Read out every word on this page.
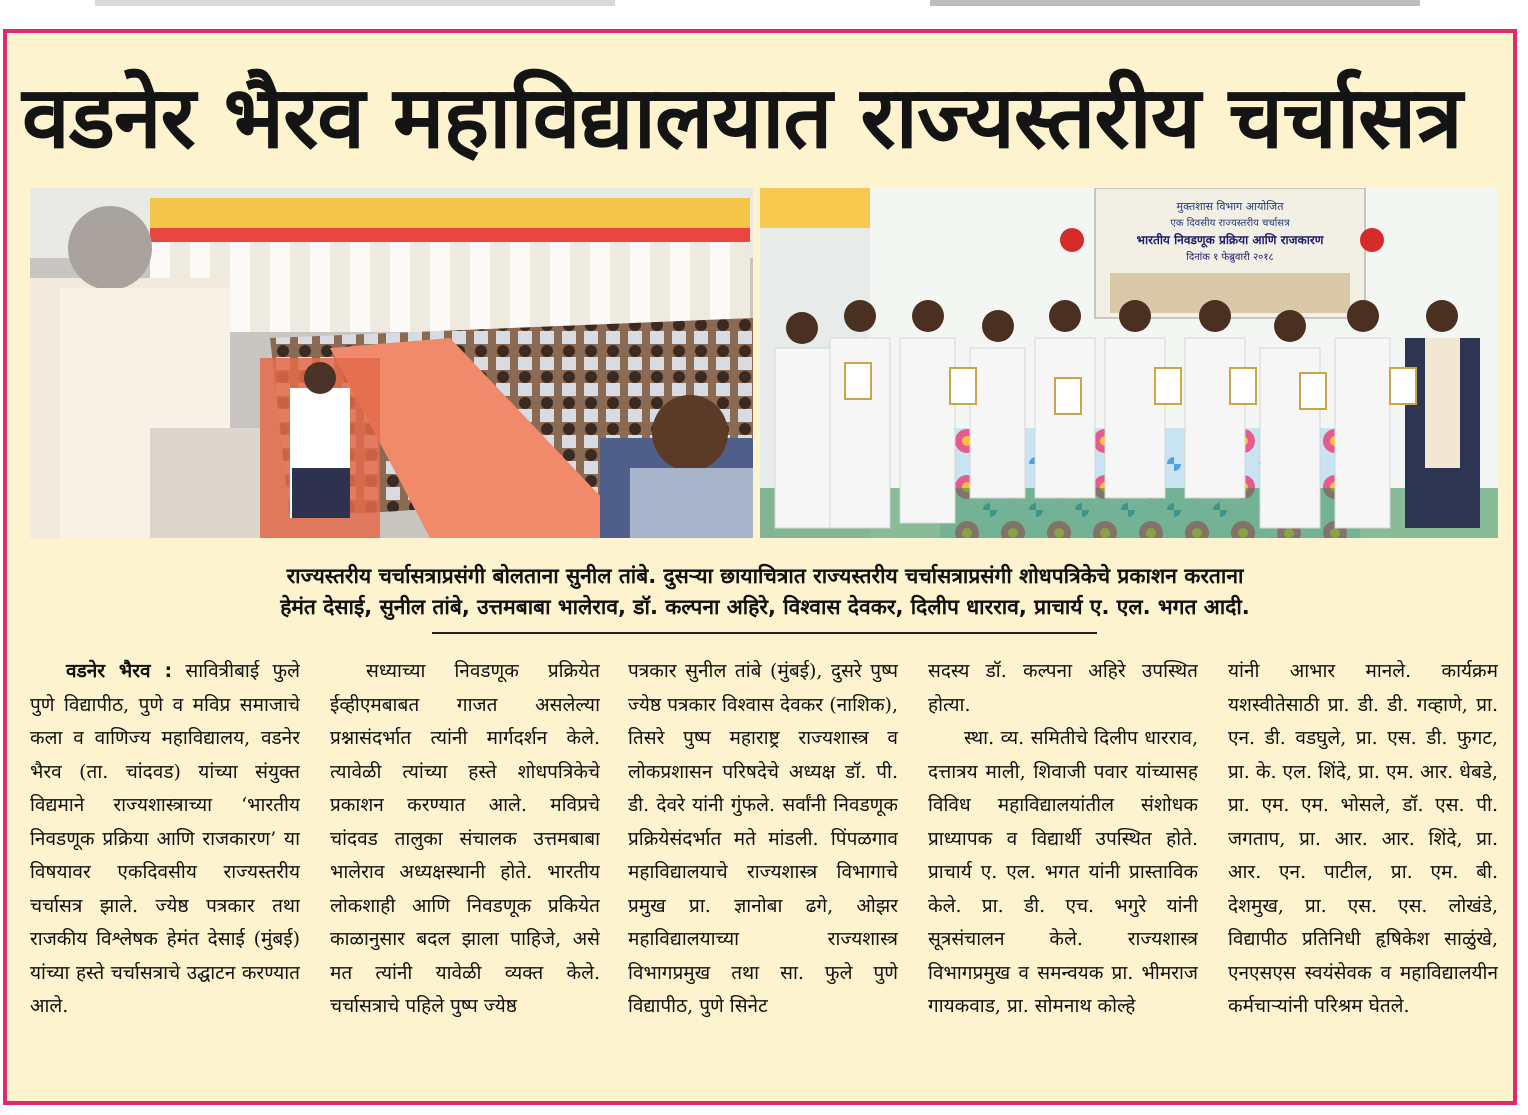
वडनेर भैरव महाविद्यालयात राज्यस्तरीय चर्चासत्र
मुक्तशास विभाग आयोजित
एक दिवसीय राज्यस्तरीय चर्चासत्र
भारतीय निवडणूक प्रक्रिया आणि राजकारण
दिनांक १ फेब्रुवारी २०१८
राज्यस्तरीय चर्चासत्राप्रसंगी बोलताना सुनील तांबे. दुसऱ्या छायाचित्रात राज्यस्तरीय चर्चासत्राप्रसंगी शोधपत्रिकेचे प्रकाशन करताना
हेमंत देसाई, सुनील तांबे, उत्तमबाबा भालेराव, डॉ. कल्पना अहिरे, विश्वास देवकर, दिलीप धारराव, प्राचार्य ए. एल. भगत आदी.
वडनेर भैरव : सावित्रीबाई फुले पुणे विद्यापीठ, पुणे व मविप्र समाजाचे कला व वाणिज्य महाविद्यालय, वडनेर भैरव (ता. चांदवड) यांच्या संयुक्त विद्यमाने राज्यशास्त्राच्या ‘भारतीय निवडणूक प्रक्रिया आणि राजकारण’ या विषयावर एकदिवसीय राज्यस्तरीय चर्चासत्र झाले. ज्येष्ठ पत्रकार तथा राजकीय विश्लेषक हेमंत देसाई (मुंबई) यांच्या हस्ते चर्चासत्राचे उद्घाटन करण्यात आले.
सध्याच्या निवडणूक प्रक्रियेत ईव्हीएमबाबत गाजत असलेल्या प्रश्नासंदर्भात त्यांनी मार्गदर्शन केले. त्यावेळी त्यांच्या हस्ते शोधपत्रिकेचे प्रकाशन करण्यात आले. मविप्रचे चांदवड तालुका संचालक उत्तमबाबा भालेराव अध्यक्षस्थानी होते. भारतीय लोकशाही आणि निवडणूक प्रकियेत काळानुसार बदल झाला पाहिजे, असे मत त्यांनी यावेळी व्यक्त केले. चर्चासत्राचे पहिले पुष्प ज्येष्ठ
पत्रकार सुनील तांबे (मुंबई), दुसरे पुष्प ज्येष्ठ पत्रकार विश्वास देवकर (नाशिक), तिसरे पुष्प महाराष्ट्र राज्यशास्त्र व लोकप्रशासन परिषदेचे अध्यक्ष डॉ. पी. डी. देवरे यांनी गुंफले. सर्वांनी निवडणूक प्रक्रियेसंदर्भात मते मांडली. पिंपळगाव महाविद्यालयाचे राज्यशास्त्र विभागाचे प्रमुख प्रा. ज्ञानोबा ढगे, ओझर महाविद्यालयाच्या राज्यशास्त्र विभागप्रमुख तथा सा. फुले पुणे विद्यापीठ, पुणे सिनेट
सदस्य डॉ. कल्पना अहिरे उपस्थित होत्या.
स्था. व्य. समितीचे दिलीप धारराव, दत्तात्रय माली, शिवाजी पवार यांच्यासह विविध महाविद्यालयांतील संशोधक प्राध्यापक व विद्यार्थी उपस्थित होते. प्राचार्य ए. एल. भगत यांनी प्रास्ताविक केले. प्रा. डी. एच. भगुरे यांनी सूत्रसंचालन केले. राज्यशास्त्र विभागप्रमुख व समन्वयक प्रा. भीमराज गायकवाड, प्रा. सोमनाथ कोल्हे
यांनी आभार मानले. कार्यक्रम यशस्वीतेसाठी प्रा. डी. डी. गव्हाणे, प्रा. एन. डी. वडघुले, प्रा. एस. डी. फुगट, प्रा. के. एल. शिंदे, प्रा. एम. आर. धेबडे, प्रा. एम. एम. भोसले, डॉ. एस. पी. जगताप, प्रा. आर. आर. शिंदे, प्रा. आर. एन. पाटील, प्रा. एम. बी. देशमुख, प्रा. एस. एस. लोखंडे, विद्यापीठ प्रतिनिधी हृषिकेश साळुंखे, एनएसएस स्वयंसेवक व महाविद्यालयीन कर्मचाऱ्यांनी परिश्रम घेतले.
